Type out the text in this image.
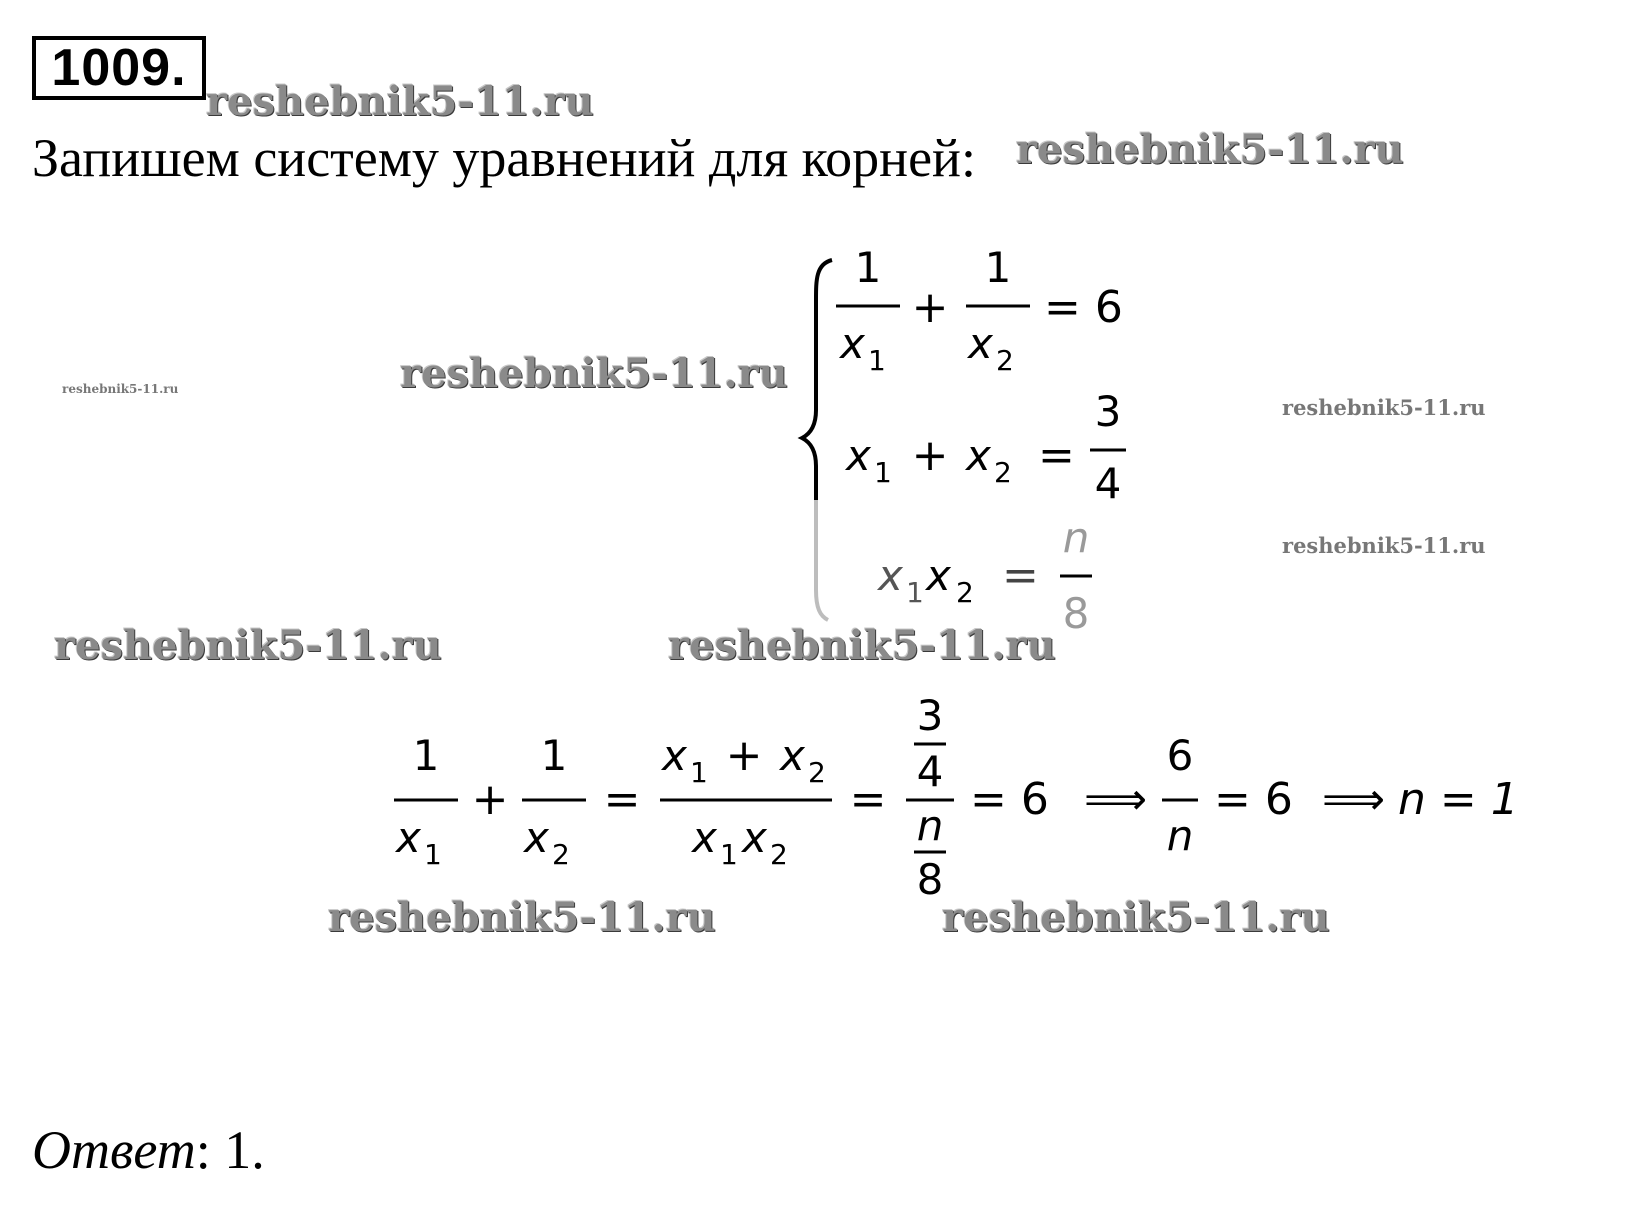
1009.
reshebnik5-11.ru
reshebnik5-11.ru
reshebnik5-11.ru
reshebnik5-11.ru
reshebnik5-11.ru
reshebnik5-11.ru
reshebnik5-11.ru	reshebnik5-11.ru
reshebnik5-11.ru	reshebnik5-11.ru
Запишем систему уравнений для корней:
1
x 1
+
1
x 2
= 6
x 1 + x 2 =
3
4
x 1 x 2 =
n
8
1
x 1
+
1
x 2
=
x 1 + x 2
x 1 x 2
=
3
4
n
8
= 6 ⟹
6
n
= 6 ⟹ n = 1
Ответ: 1.
